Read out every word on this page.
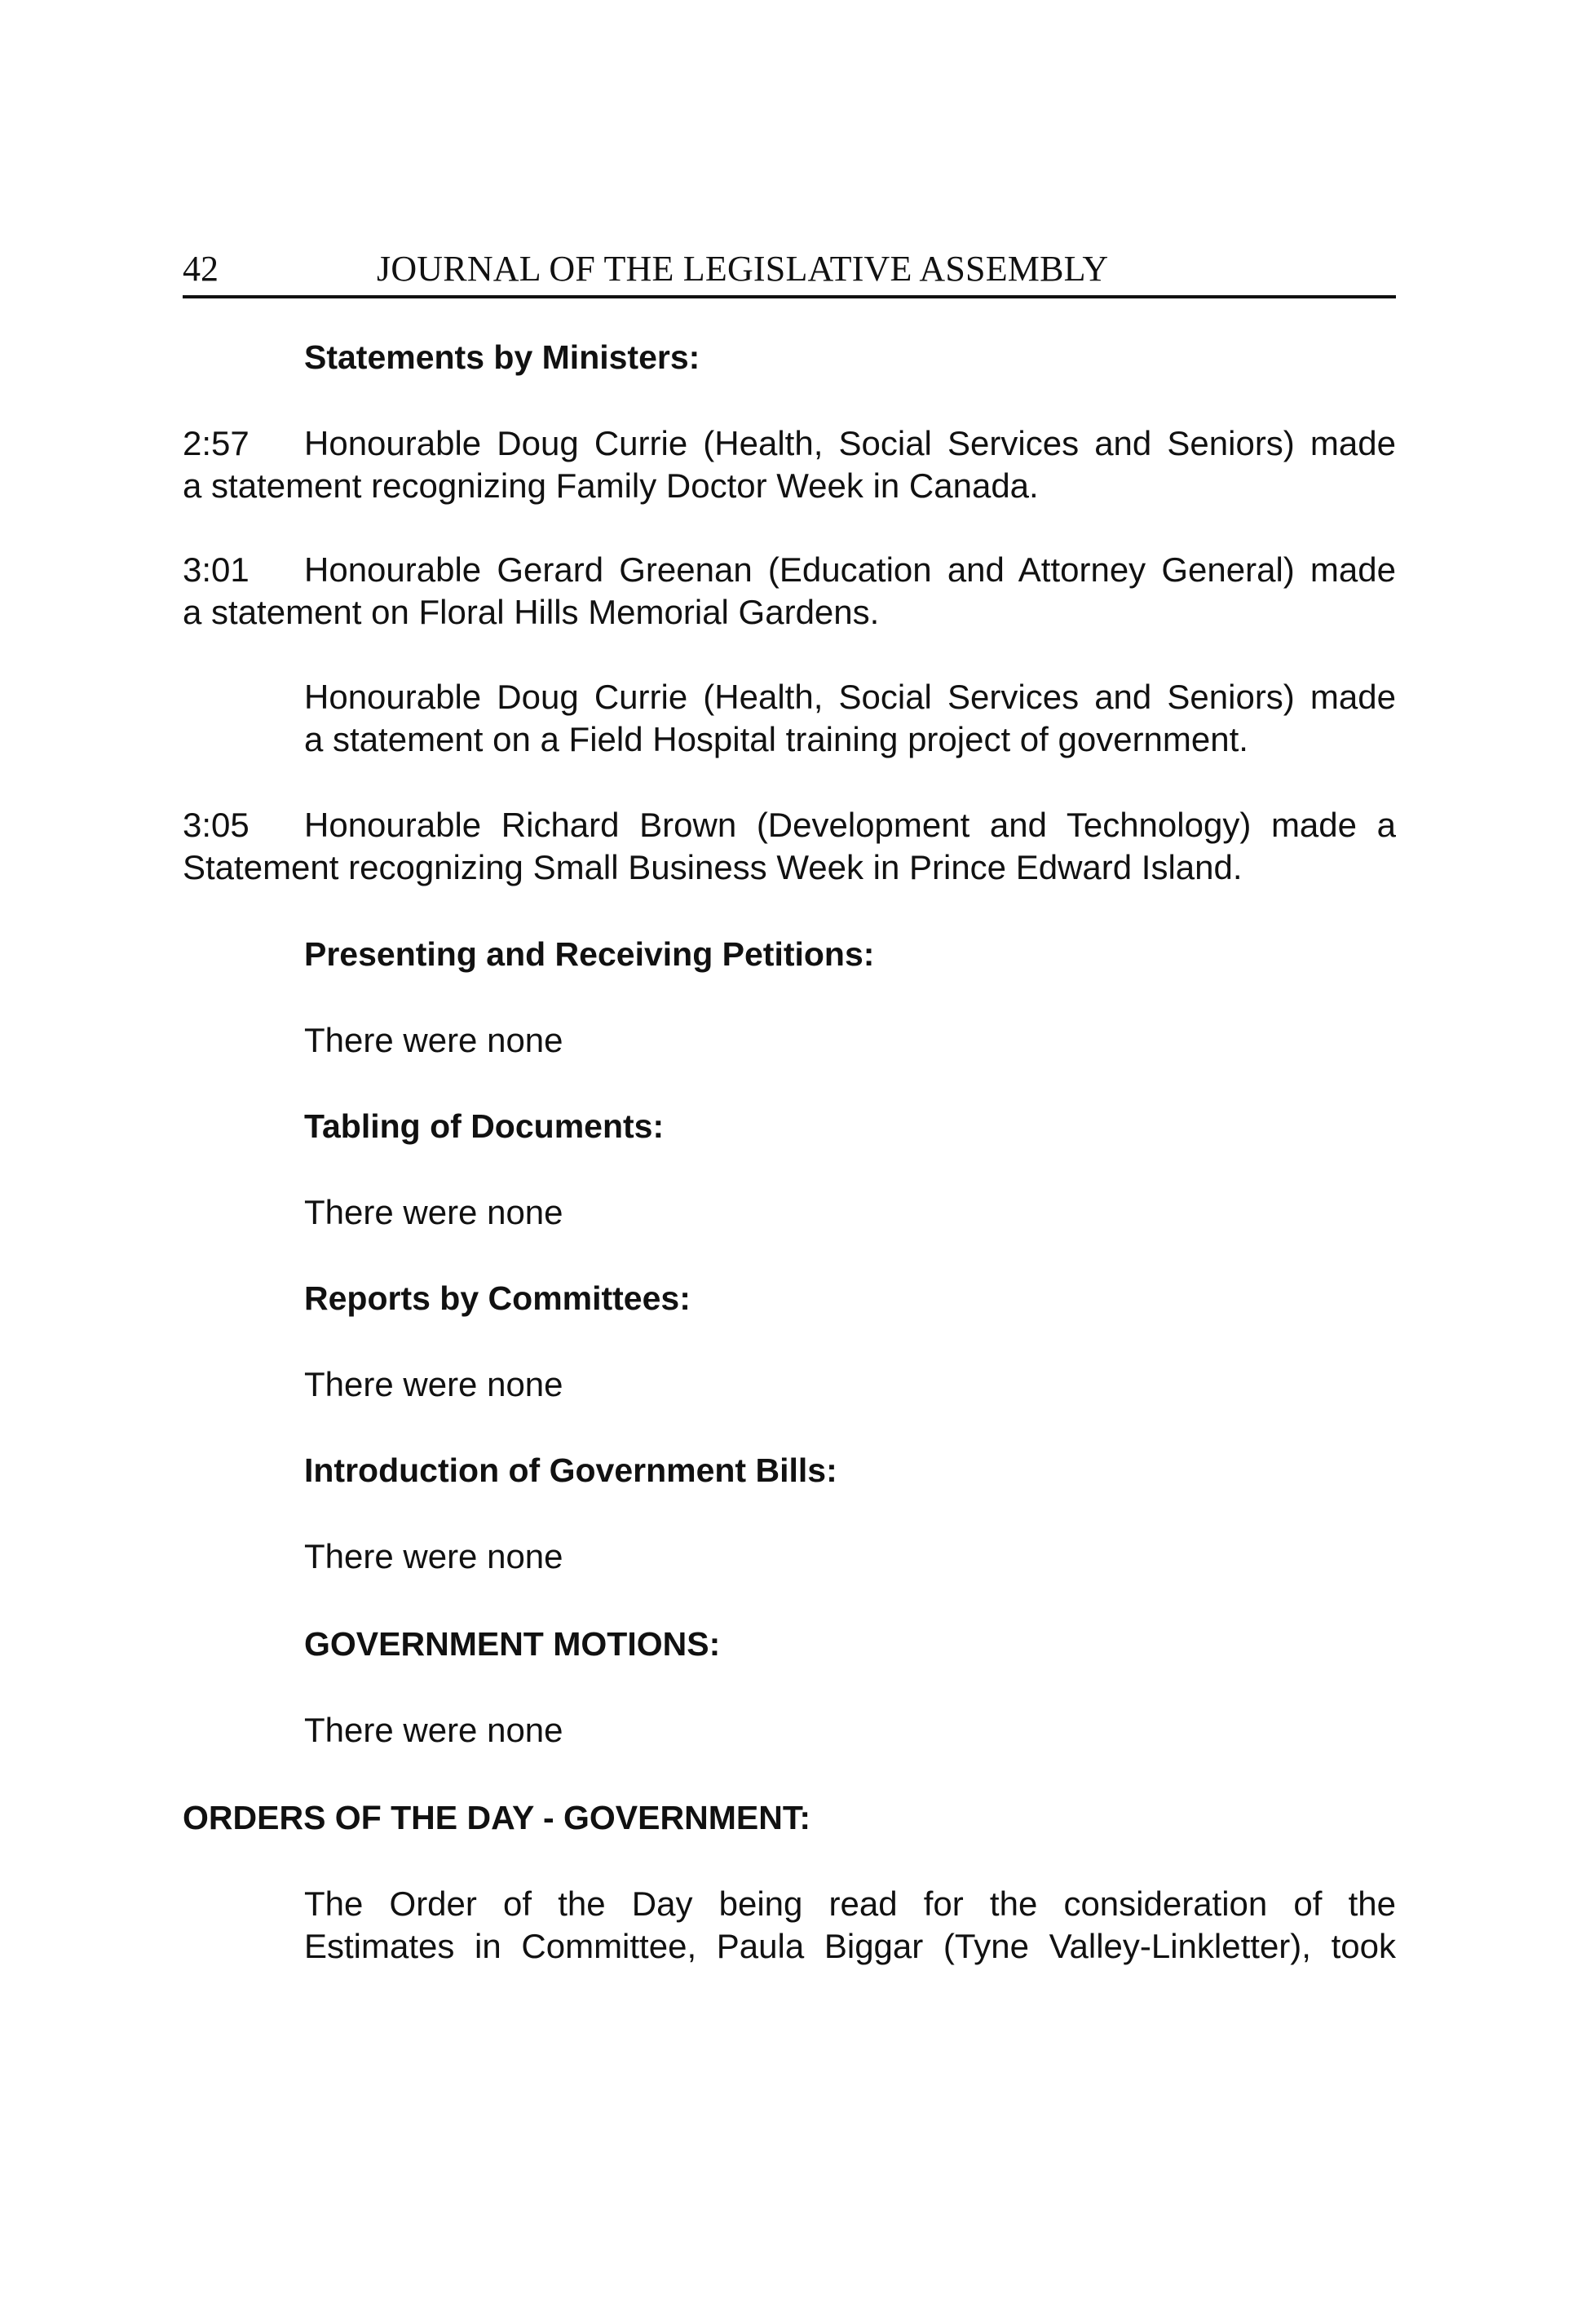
42	JOURNAL OF THE LEGISLATIVE ASSEMBLY
Statements by Ministers:
2:57 Honourable Doug Currie (Health, Social Services and Seniors) made
a statement recognizing Family Doctor Week in Canada.
3:01 Honourable Gerard Greenan (Education and Attorney General) made
a statement on Floral Hills Memorial Gardens.
Honourable Doug Currie (Health, Social Services and Seniors) made
a statement on a Field Hospital training project of government.
3:05 Honourable Richard Brown (Development and Technology) made a
Statement recognizing Small Business Week in Prince Edward Island.
Presenting and Receiving Petitions:
There were none
Tabling of Documents:
There were none
Reports by Committees:
There were none
Introduction of Government Bills:
There were none
GOVERNMENT MOTIONS:
There were none
ORDERS OF THE DAY - GOVERNMENT:
The Order of the Day being read for the consideration of the
Estimates in Committee, Paula Biggar (Tyne Valley-Linkletter), took
